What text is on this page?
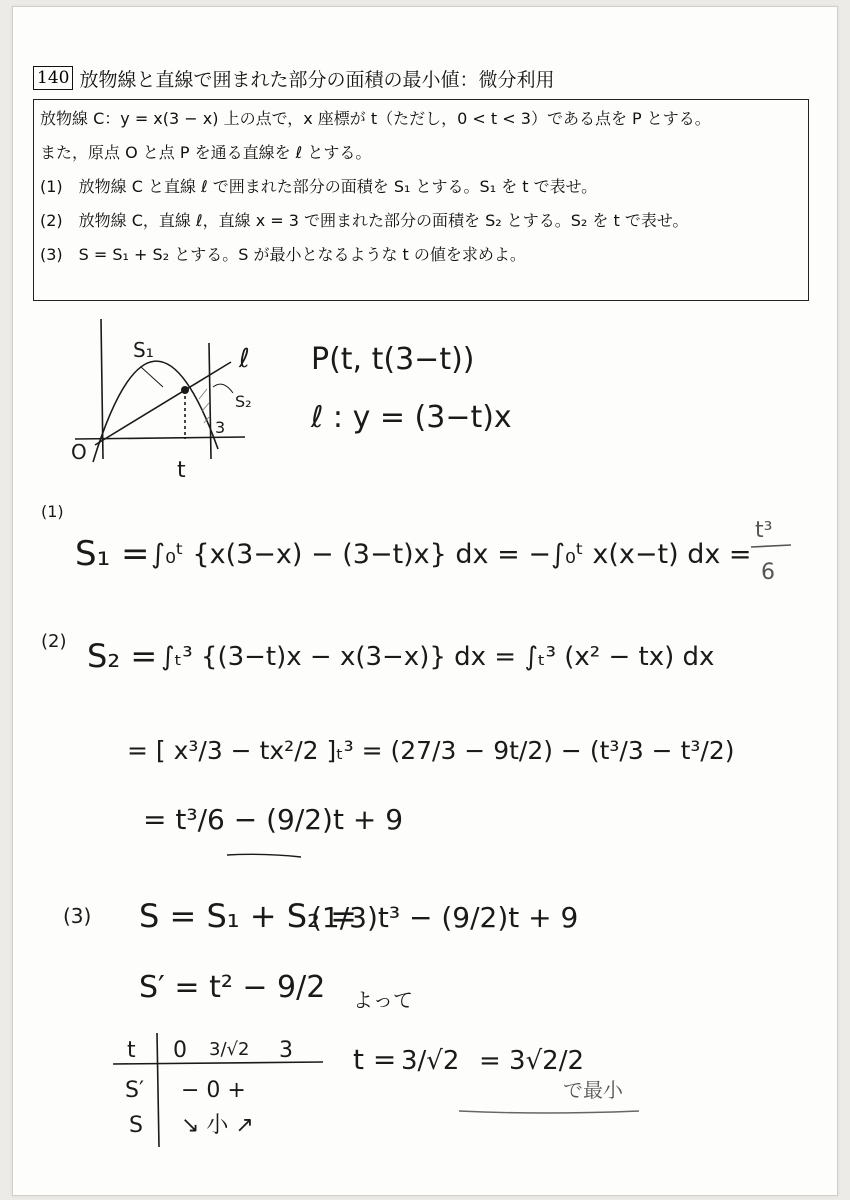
140 放物線と直線で囲まれた部分の面積の最小値：微分利用
放物線 C：y = x(3 − x) 上の点で，x 座標が t（ただし，0 < t < 3）である点を P とする。
また，原点 O と点 P を通る直線を ℓ とする。
(1)　放物線 C と直線 ℓ で囲まれた部分の面積を S₁ とする。S₁ を t で表せ。
(2)　放物線 C，直線 ℓ，直線 x = 3 で囲まれた部分の面積を S₂ とする。S₂ を t で表せ。
(3)　S = S₁ + S₂ とする。S が最小となるような t の値を求めよ。
S₁	ℓ
S₂
3
O
t
P(t, t(3−t))
ℓ : y = (3−t)x
(1)
S₁ = ∫₀ᵗ {x(3−x) − (3−t)x} dx = −∫₀ᵗ x(x−t) dx =
t³
6
(2) S₂ = ∫ₜ³ {(3−t)x − x(3−x)} dx = ∫ₜ³ (x² − tx) dx
= [ x³/3 − tx²/2 ]ₜ³ = (27/3 − 9t/2) − (t³/3 − t³/2)
= t³/6 − (9/2)t + 9
(3) S = S₁ + S₂ =
(1/3)t³ − (9/2)t + 9
S′ = t² − 9/2 よって
t
S′
S
0 3/√2 3
− 0 +
↘ 小 ↗
t = 3/√2 = 3√2/2
で最小
